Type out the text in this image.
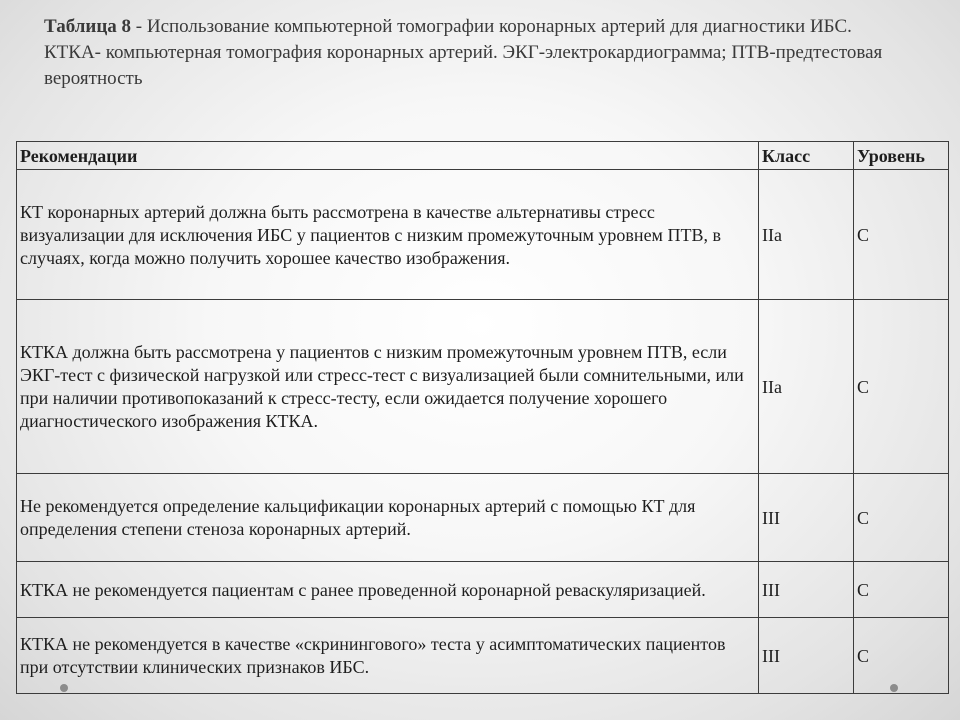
Таблица 8 - Использование компьютерной томографии коронарных артерий для диагностики ИБС.
КТКА- компьютерная томография коронарных артерий. ЭКГ-электрокардиограмма; ПТВ-предтестовая вероятность
Рекомендации	Класс	Уровень
КТ коронарных артерий должна быть рассмотрена в качестве альтернативы стресс визуализации для исключения ИБС у пациентов с низким промежуточным уровнем ПТВ, в случаях, когда можно получить хорошее качество изображения.	IIa	C
КТКА должна быть рассмотрена у пациентов с низким промежуточным уровнем ПТВ, если ЭКГ-тест с физической нагрузкой или стресс-тест с визуализацией были сомнительными, или при наличии противопоказаний к стресс-тесту, если ожидается получение хорошего диагностического изображения КТКА.	IIa	C
Не рекомендуется определение кальцификации коронарных артерий с помощью КТ для определения степени стеноза коронарных артерий.	III	C
КТКА не рекомендуется пациентам с ранее проведенной коронарной реваскуляризацией.	III	C
КТКА не рекомендуется в качестве «скринингового» теста у асимптоматических пациентов при отсутствии клинических признаков ИБС.	III	C
